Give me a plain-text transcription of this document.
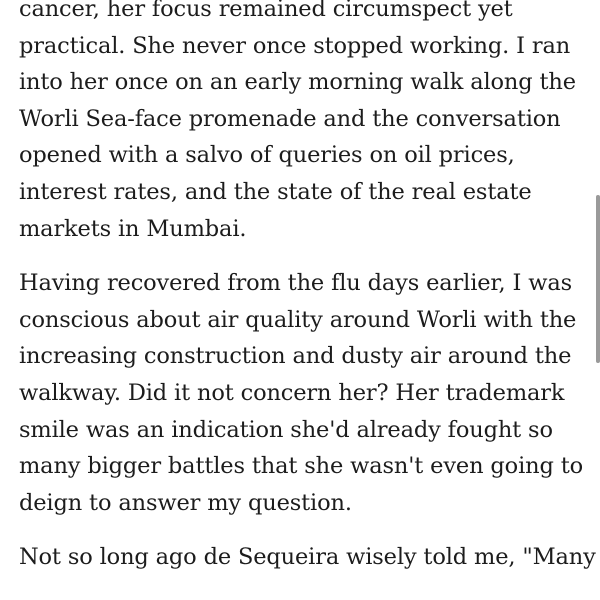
cancer, her focus remained circumspect yet
practical. She never once stopped working. I ran
into her once on an early morning walk along the
Worli Sea-face promenade and the conversation
opened with a salvo of queries on oil prices,
interest rates, and the state of the real estate
markets in Mumbai.

Having recovered from the flu days earlier, I was
conscious about air quality around Worli with the
increasing construction and dusty air around the
walkway. Did it not concern her? Her trademark
smile was an indication she'd already fought so
many bigger battles that she wasn't even going to
deign to answer my question.

Not so long ago de Sequeira wisely told me, "Many
